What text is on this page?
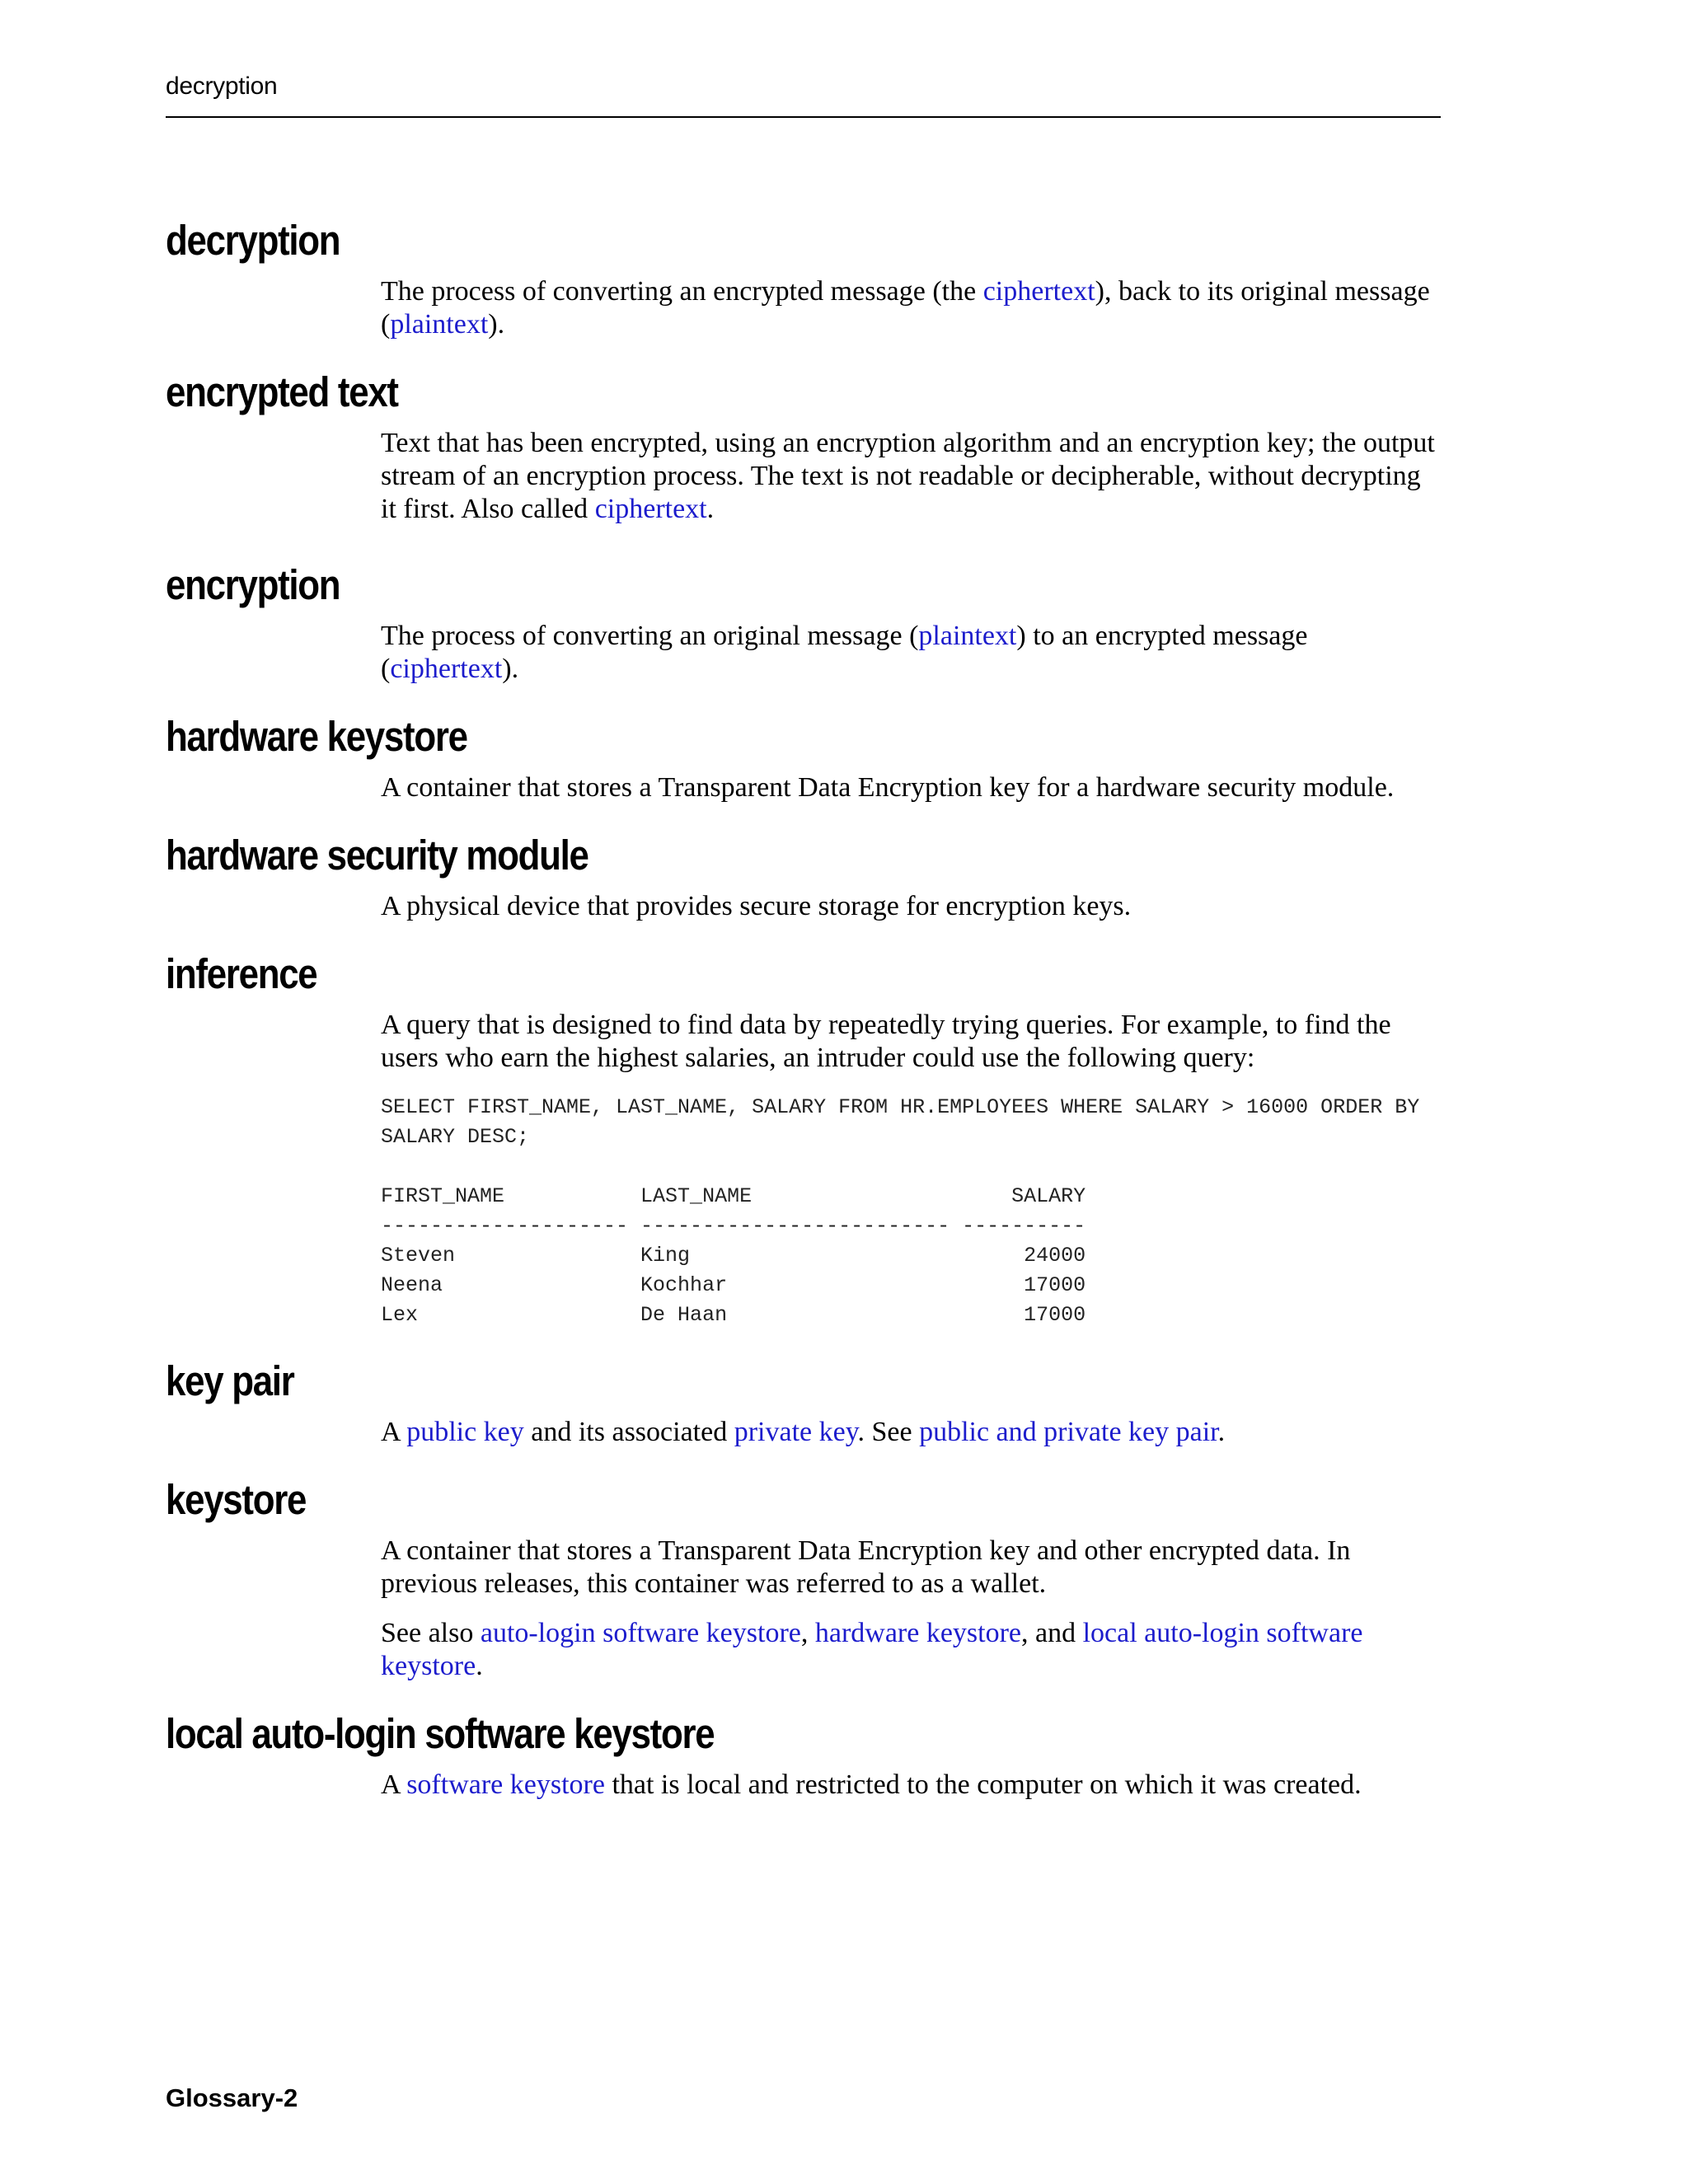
decryption
decryption

The process of converting an encrypted message (the ciphertext), back to its original message (plaintext).

encrypted text

Text that has been encrypted, using an encryption algorithm and an encryption key; the output stream of an encryption process. The text is not readable or decipherable, without decrypting it first. Also called ciphertext.

encryption

The process of converting an original message (plaintext) to an encrypted message (ciphertext).

hardware keystore

A container that stores a Transparent Data Encryption key for a hardware security module.

hardware security module

A physical device that provides secure storage for encryption keys.

inference

A query that is designed to find data by repeatedly trying queries. For example, to find the users who earn the highest salaries, an intruder could use the following query:

SELECT FIRST_NAME, LAST_NAME, SALARY FROM HR.EMPLOYEES WHERE SALARY > 16000 ORDER BY
SALARY DESC;
FIRST_NAME           LAST_NAME                     SALARY
-------------------- ------------------------- ----------
Steven               King                           24000
Neena                Kochhar                        17000
Lex                  De Haan                        17000
key pair

A public key and its associated private key. See public and private key pair.

keystore

A container that stores a Transparent Data Encryption key and other encrypted data. In previous releases, this container was referred to as a wallet.

See also auto-login software keystore, hardware keystore, and local auto-login software keystore.

local auto-login software keystore

A software keystore that is local and restricted to the computer on which it was created.

Glossary-2
